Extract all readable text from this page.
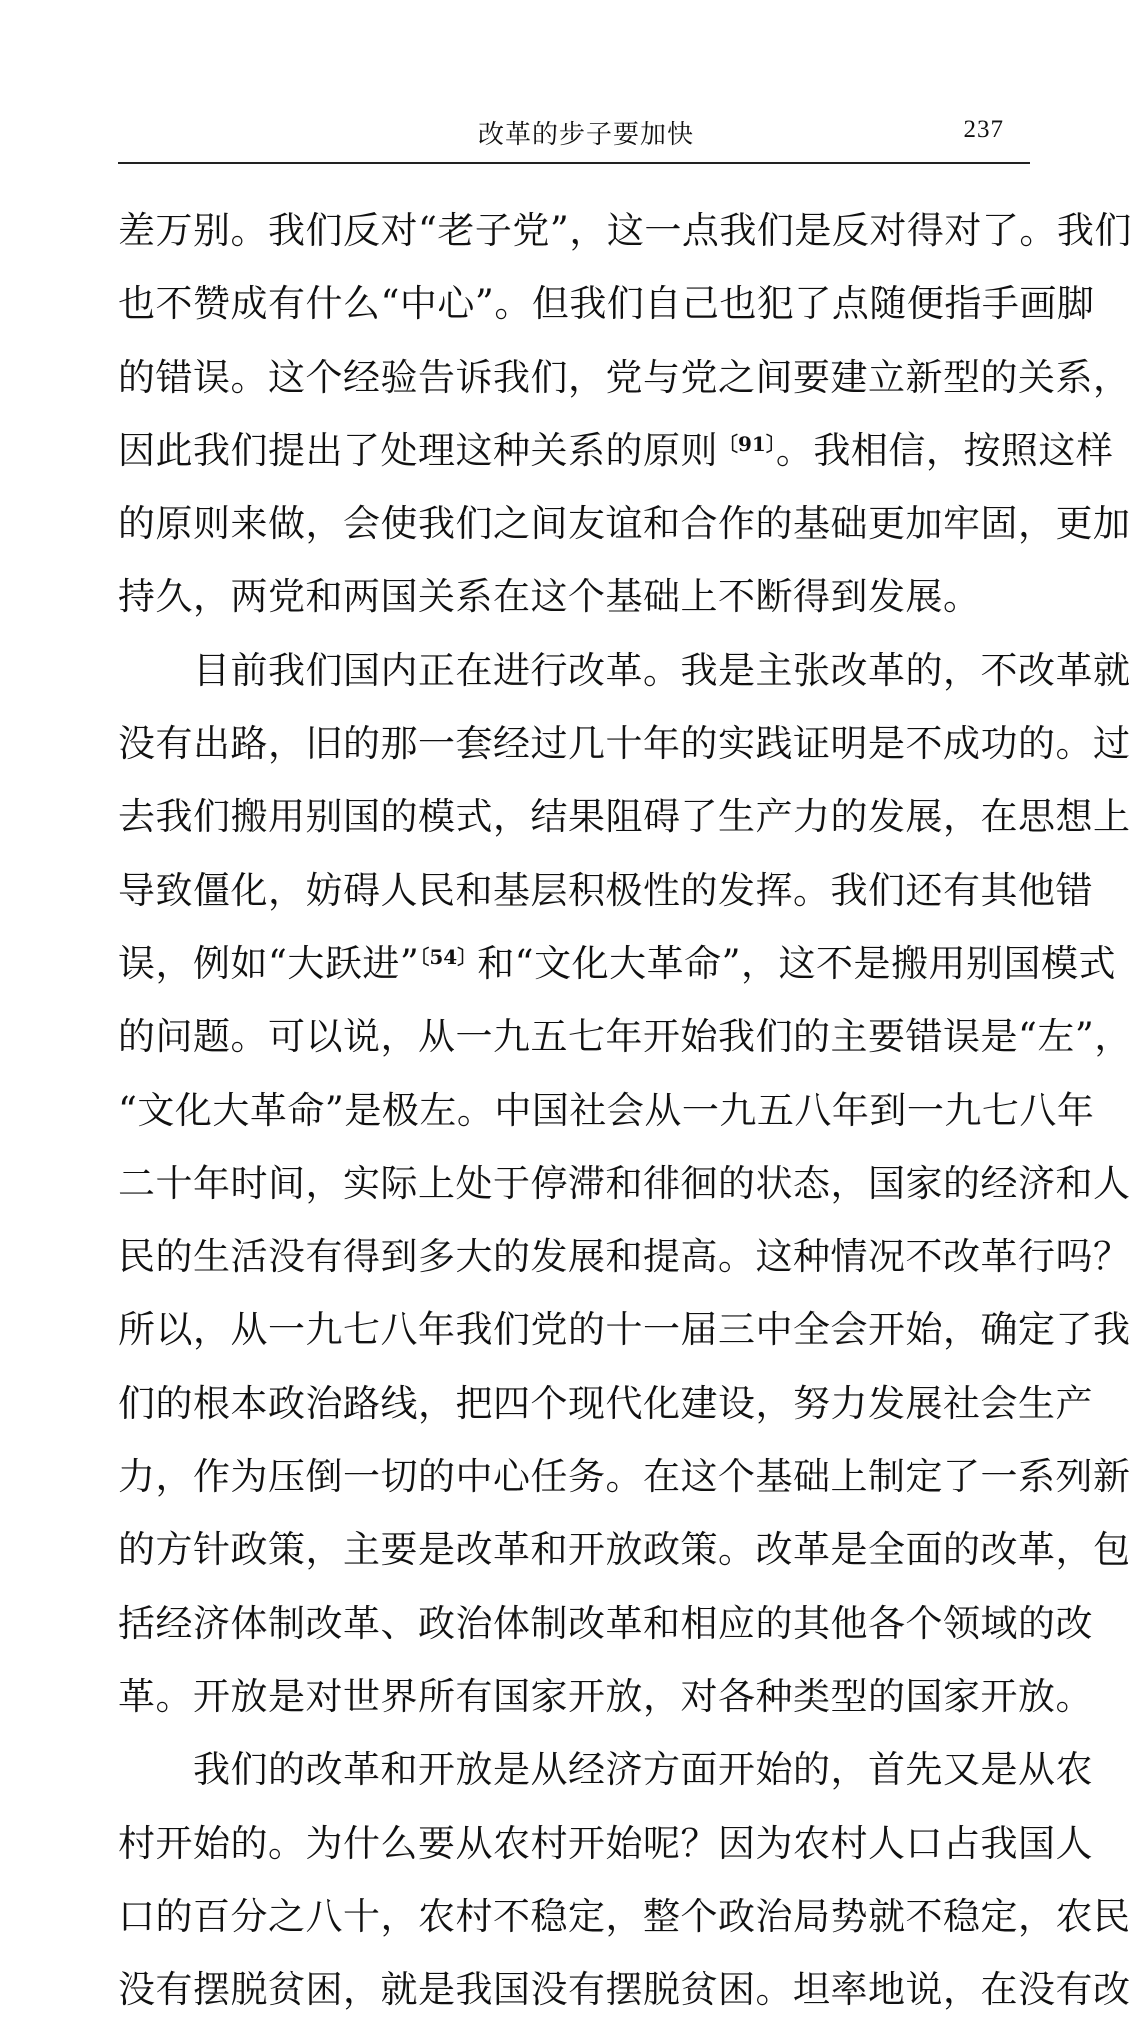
改革的步子要加快	237
差万别。我们反对“老子党”，这一点我们是反对得对了。我们
也不赞成有什么“中心”。但我们自己也犯了点随便指手画脚
的错误。这个经验告诉我们，党与党之间要建立新型的关系，
因此我们提出了处理这种关系的原则$^{〔91〕}$。我相信，按照这样
的原则来做，会使我们之间友谊和合作的基础更加牢固，更加
持久，两党和两国关系在这个基础上不断得到发展。
目前我们国内正在进行改革。我是主张改革的，不改革就
没有出路，旧的那一套经过几十年的实践证明是不成功的。过
去我们搬用别国的模式，结果阻碍了生产力的发展，在思想上
导致僵化，妨碍人民和基层积极性的发挥。我们还有其他错
误，例如“大跃进”$^{〔54〕}$和“文化大革命”，这不是搬用别国模式
的问题。可以说，从一九五七年开始我们的主要错误是“左”，
“文化大革命”是极左。中国社会从一九五八年到一九七八年
二十年时间，实际上处于停滞和徘徊的状态，国家的经济和人
民的生活没有得到多大的发展和提高。这种情况不改革行吗？
所以，从一九七八年我们党的十一届三中全会开始，确定了我
们的根本政治路线，把四个现代化建设，努力发展社会生产
力，作为压倒一切的中心任务。在这个基础上制定了一系列新
的方针政策，主要是改革和开放政策。改革是全面的改革，包
括经济体制改革、政治体制改革和相应的其他各个领域的改
革。开放是对世界所有国家开放，对各种类型的国家开放。
我们的改革和开放是从经济方面开始的，首先又是从农
村开始的。为什么要从农村开始呢？因为农村人口占我国人
口的百分之八十，农村不稳定，整个政治局势就不稳定，农民
没有摆脱贫困，就是我国没有摆脱贫困。坦率地说，在没有改
